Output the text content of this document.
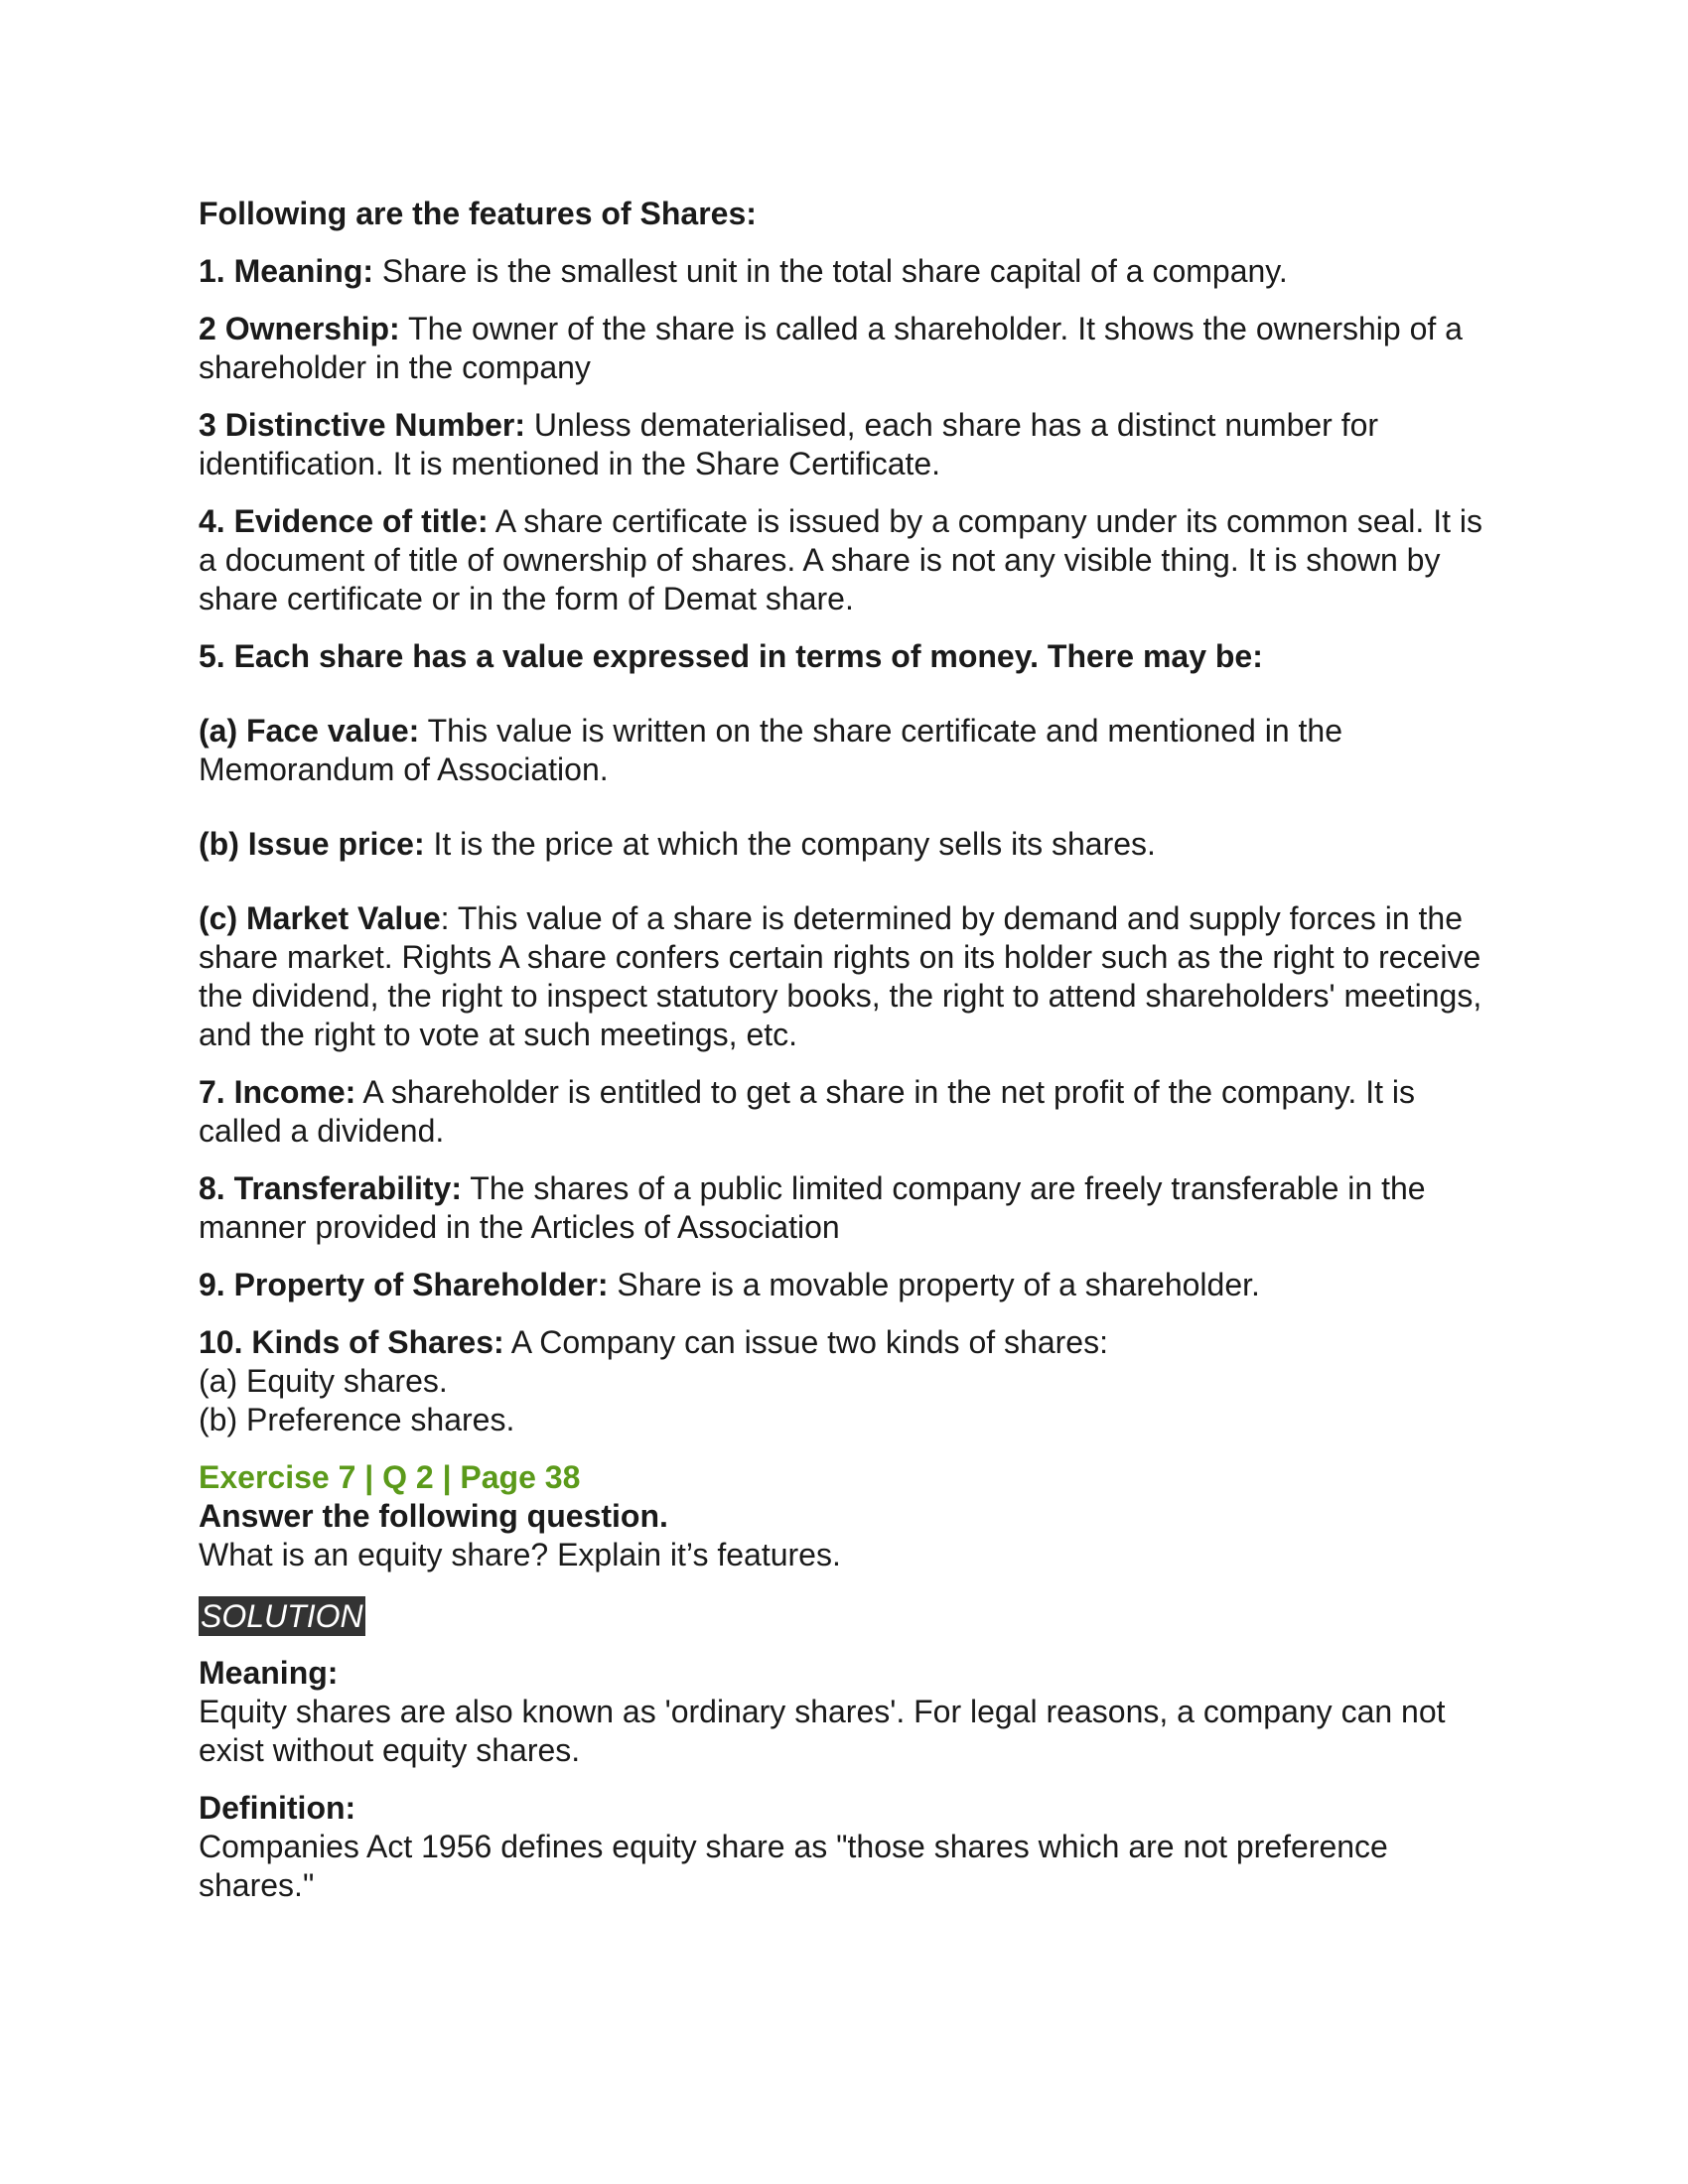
Following are the features of Shares:

1. Meaning: Share is the smallest unit in the total share capital of a company.

2 Ownership: The owner of the share is called a shareholder. It shows the ownership of a shareholder in the company

3 Distinctive Number: Unless dematerialised, each share has a distinct number for identification. It is mentioned in the Share Certificate.

4. Evidence of title: A share certificate is issued by a company under its common seal. It is a document of title of ownership of shares. A share is not any visible thing. It is shown by share certificate or in the form of Demat share.

5. Each share has a value expressed in terms of money. There may be:

(a) Face value: This value is written on the share certificate and mentioned in the Memorandum of Association.

(b) Issue price: It is the price at which the company sells its shares.

(c) Market Value: This value of a share is determined by demand and supply forces in the share market. Rights A share confers certain rights on its holder such as the right to receive the dividend, the right to inspect statutory books, the right to attend shareholders' meetings, and the right to vote at such meetings, etc.

7. Income: A shareholder is entitled to get a share in the net profit of the company. It is called a dividend.

8. Transferability: The shares of a public limited company are freely transferable in the manner provided in the Articles of Association

9. Property of Shareholder: Share is a movable property of a shareholder.

10. Kinds of Shares: A Company can issue two kinds of shares:
(a) Equity shares.
(b) Preference shares.

Exercise 7 | Q 2 | Page 38

Answer the following question.

What is an equity share? Explain it’s features.

SOLUTION

Meaning:

Equity shares are also known as 'ordinary shares'. For legal reasons, a company can not exist without equity shares.

Definition:

Companies Act 1956 defines equity share as "those shares which are not preference shares."
